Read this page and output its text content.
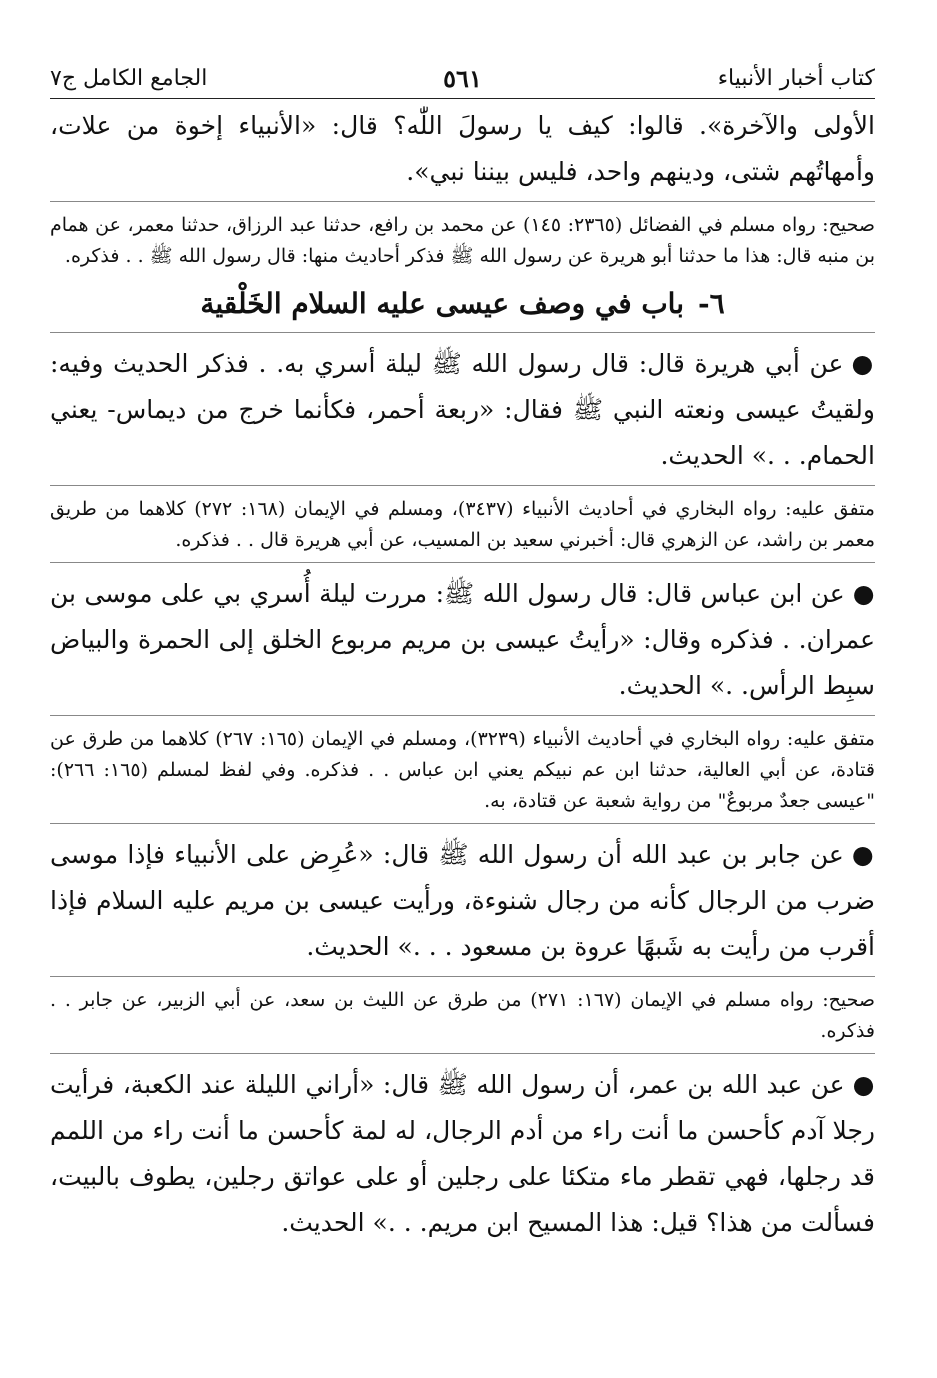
كتاب أخبار الأنبياء
٥٦١
الجامع الكامل ج٧

الأولى والآخرة». قالوا: كيف يا رسولَ اللّٰه؟ قال: «الأنبياء إخوة من علات، وأمهاتُهم شتى، ودينهم واحد، فليس بيننا نبي».

صحيح: رواه مسلم في الفضائل (٢٣٦٥: ١٤٥) عن محمد بن رافع، حدثنا عبد الرزاق، حدثنا معمر، عن همام بن منبه قال: هذا ما حدثنا أبو هريرة عن رسول الله ﷺ فذكر أحاديث منها: قال رسول الله ﷺ . . فذكره.

٦-باب في وصف عيسى عليه السلام الخَلْقية

●عن أبي هريرة قال: قال رسول الله ﷺ ليلة أسري به. . فذكر الحديث وفيه: ولقيتُ عيسى ونعته النبي ﷺ فقال: «ربعة أحمر، فكأنما خرج من ديماس- يعني الحمام. . .» الحديث.

متفق عليه: رواه البخاري في أحاديث الأنبياء (٣٤٣٧)، ومسلم في الإيمان (١٦٨: ٢٧٢) كلاهما من طريق معمر بن راشد، عن الزهري قال: أخبرني سعيد بن المسيب، عن أبي هريرة قال . . فذكره.

●عن ابن عباس قال: قال رسول الله ﷺ: مررت ليلة أُسري بي على موسى بن عمران. . فذكره وقال: «رأيتُ عيسى بن مريم مربوع الخلق إلى الحمرة والبياض سبِط الرأس. .» الحديث.

متفق عليه: رواه البخاري في أحاديث الأنبياء (٣٢٣٩)، ومسلم في الإيمان (١٦٥: ٢٦٧) كلاهما من طرق عن قتادة، عن أبي العالية، حدثنا ابن عم نبيكم يعني ابن عباس . . فذكره. وفي لفظ لمسلم (١٦٥: ٢٦٦): "عيسى جعدٌ مربوعٌ" من رواية شعبة عن قتادة، به.

●عن جابر بن عبد الله أن رسول الله ﷺ قال: «عُرِض على الأنبياء فإذا موسى ضرب من الرجال كأنه من رجال شنوءة، ورأيت عيسى بن مريم عليه السلام فإذا أقرب من رأيت به شَبهًا عروة بن مسعود . . .» الحديث.

صحيح: رواه مسلم في الإيمان (١٦٧: ٢٧١) من طرق عن الليث بن سعد، عن أبي الزبير، عن جابر . . فذكره.

●عن عبد الله بن عمر، أن رسول الله ﷺ قال: «أراني الليلة عند الكعبة، فرأيت رجلا آدم كأحسن ما أنت راء من أدم الرجال، له لمة كأحسن ما أنت راء من اللمم قد رجلها، فهي تقطر ماء متكئا على رجلين أو على عواتق رجلين، يطوف بالبيت، فسألت من هذا؟ قيل: هذا المسيح ابن مريم. . .» الحديث.
